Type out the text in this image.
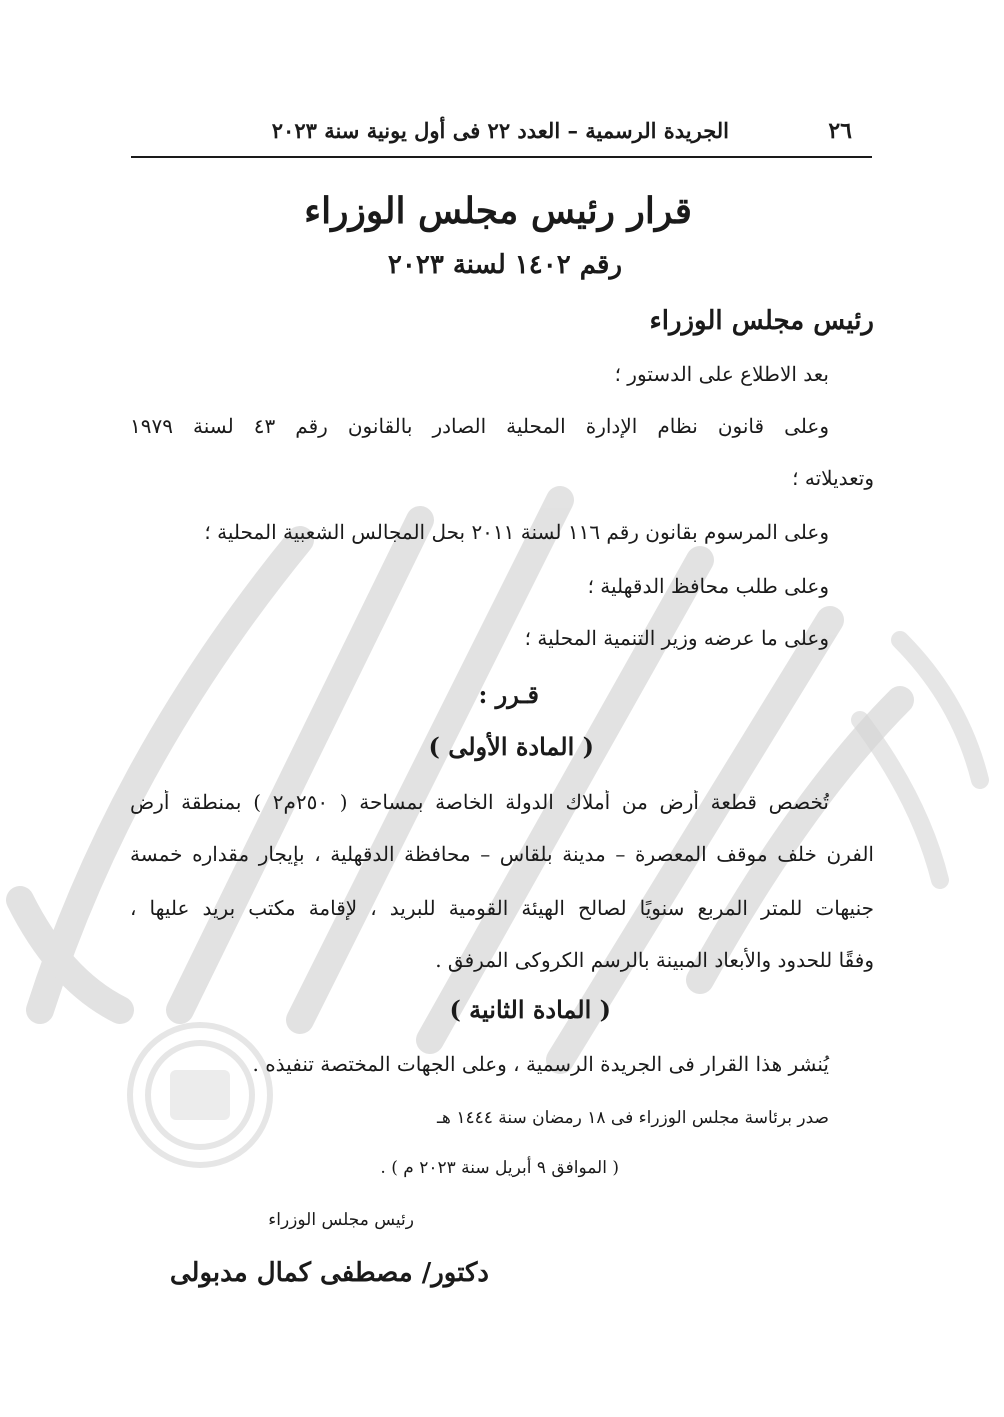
٢٦
الجريدة الرسمية – العدد ٢٢ فى أول يونية سنة ٢٠٢٣
قرار رئيس مجلس الوزراء
رقم ١٤٠٢ لسنة ٢٠٢٣
رئيس مجلس الوزراء
بعد الاطلاع على الدستور ؛
وعلى قانون نظام الإدارة المحلية الصادر بالقانون رقم ٤٣ لسنة ١٩٧٩
وتعديلاته ؛
وعلى المرسوم بقانون رقم ١١٦ لسنة ٢٠١١ بحل المجالس الشعبية المحلية ؛
وعلى طلب محافظ الدقهلية ؛
وعلى ما عرضه وزير التنمية المحلية ؛
قـرر :
( المادة الأولى )
تُخصص قطعة أرض من أملاك الدولة الخاصة بمساحة ( ٢٥٠م٢ ) بمنطقة أرض
الفرن خلف موقف المعصرة – مدينة بلقاس – محافظة الدقهلية ، بإيجار مقداره خمسة
جنيهات للمتر المربع سنويًا لصالح الهيئة القومية للبريد ، لإقامة مكتب بريد عليها ،
وفقًا للحدود والأبعاد المبينة بالرسم الكروكى المرفق .
( المادة الثانية )
يُنشر هذا القرار فى الجريدة الرسمية ، وعلى الجهات المختصة تنفيذه .
صدر برئاسة مجلس الوزراء فى ١٨ رمضان سنة ١٤٤٤ هـ
( الموافق ٩ أبريل سنة ٢٠٢٣ م ) .
رئيس مجلس الوزراء
دكتور/ مصطفى كمال مدبولى
